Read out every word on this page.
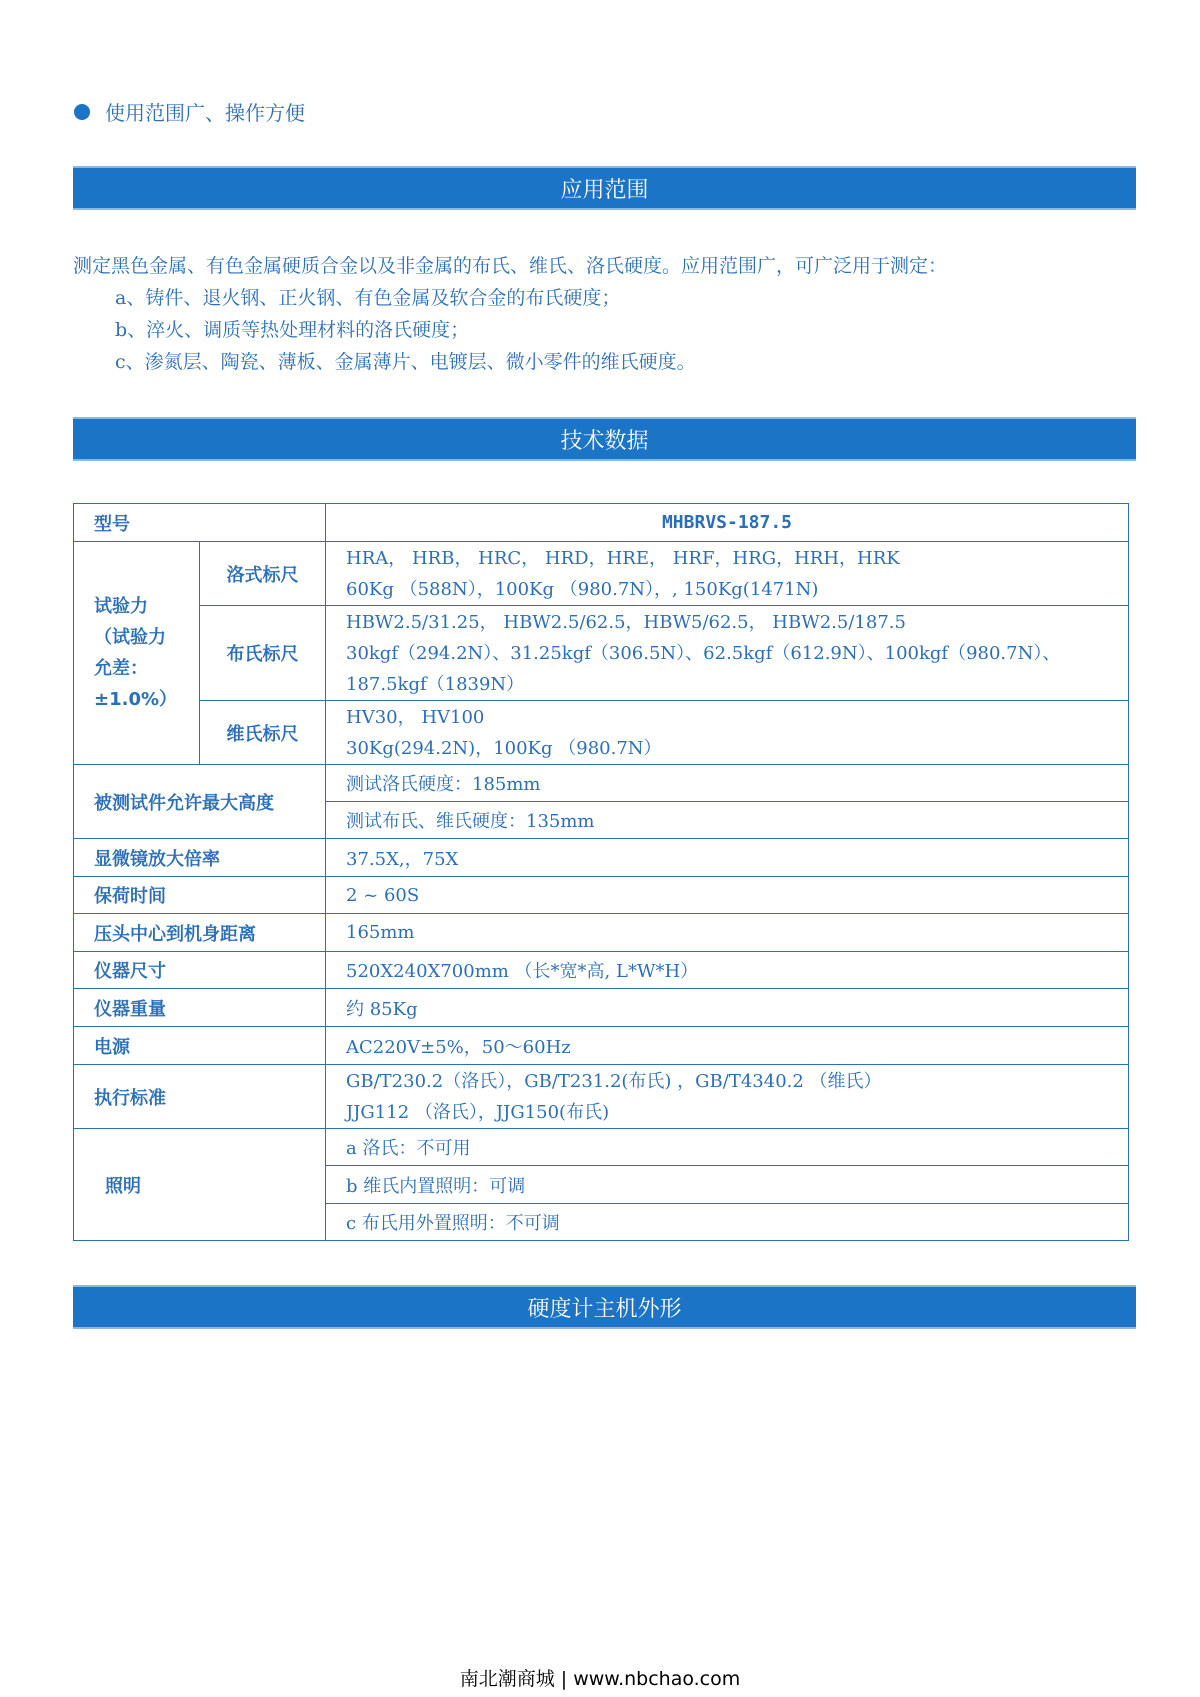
使用范围广、操作方便
应用范围
测定黑色金属、有色金属硬质合金以及非金属的布氏、维氏、洛氏硬度。应用范围广，可广泛用于测定：
a、铸件、退火钢、正火钢、有色金属及软合金的布氏硬度；
b、淬火、调质等热处理材料的洛氏硬度；
c、渗氮层、陶瓷、薄板、金属薄片、电镀层、微小零件的维氏硬度。
技术数据
型号		MHBRVS-187.5
试验力（试验力允差：±1.0%）	洛式标尺	HRA， HRB， HRC， HRD，HRE， HRF，HRG，HRH，HRK
60Kg （588N），100Kg （980.7N），, 150Kg(1471N)

	布氏标尺	HBW2.5/31.25， HBW2.5/62.5，HBW5/62.5， HBW2.5/187.5
30kgf（294.2N）、31.25kgf（306.5N）、62.5kgf（612.9N）、100kgf（980.7N）、187.5kgf（1839N）

	维氏标尺	HV30， HV100
30Kg(294.2N)，100Kg （980.7N）

被测试件允许最大高度		测试洛氏硬度：185mm
		测试布氏、维氏硬度：135mm
显微镜放大倍率		37.5X,，75X
保荷时间		2 ~ 60S
压头中心到机身距离		165mm
仪器尺寸		520X240X700mm （长*宽*高, L*W*H）
仪器重量		约 85Kg
电源		AC220V±5%，50～60Hz
执行标准		GB/T230.2（洛氏），GB/T231.2(布氏) ，GB/T4340.2 （维氏）
JJG112 （洛氏），JJG150(布氏)

照明		a 洛氏：不可用
		b 维氏内置照明：可调
		c 布氏用外置照明：不可调
硬度计主机外形
南北潮商城 | www.nbchao.com
